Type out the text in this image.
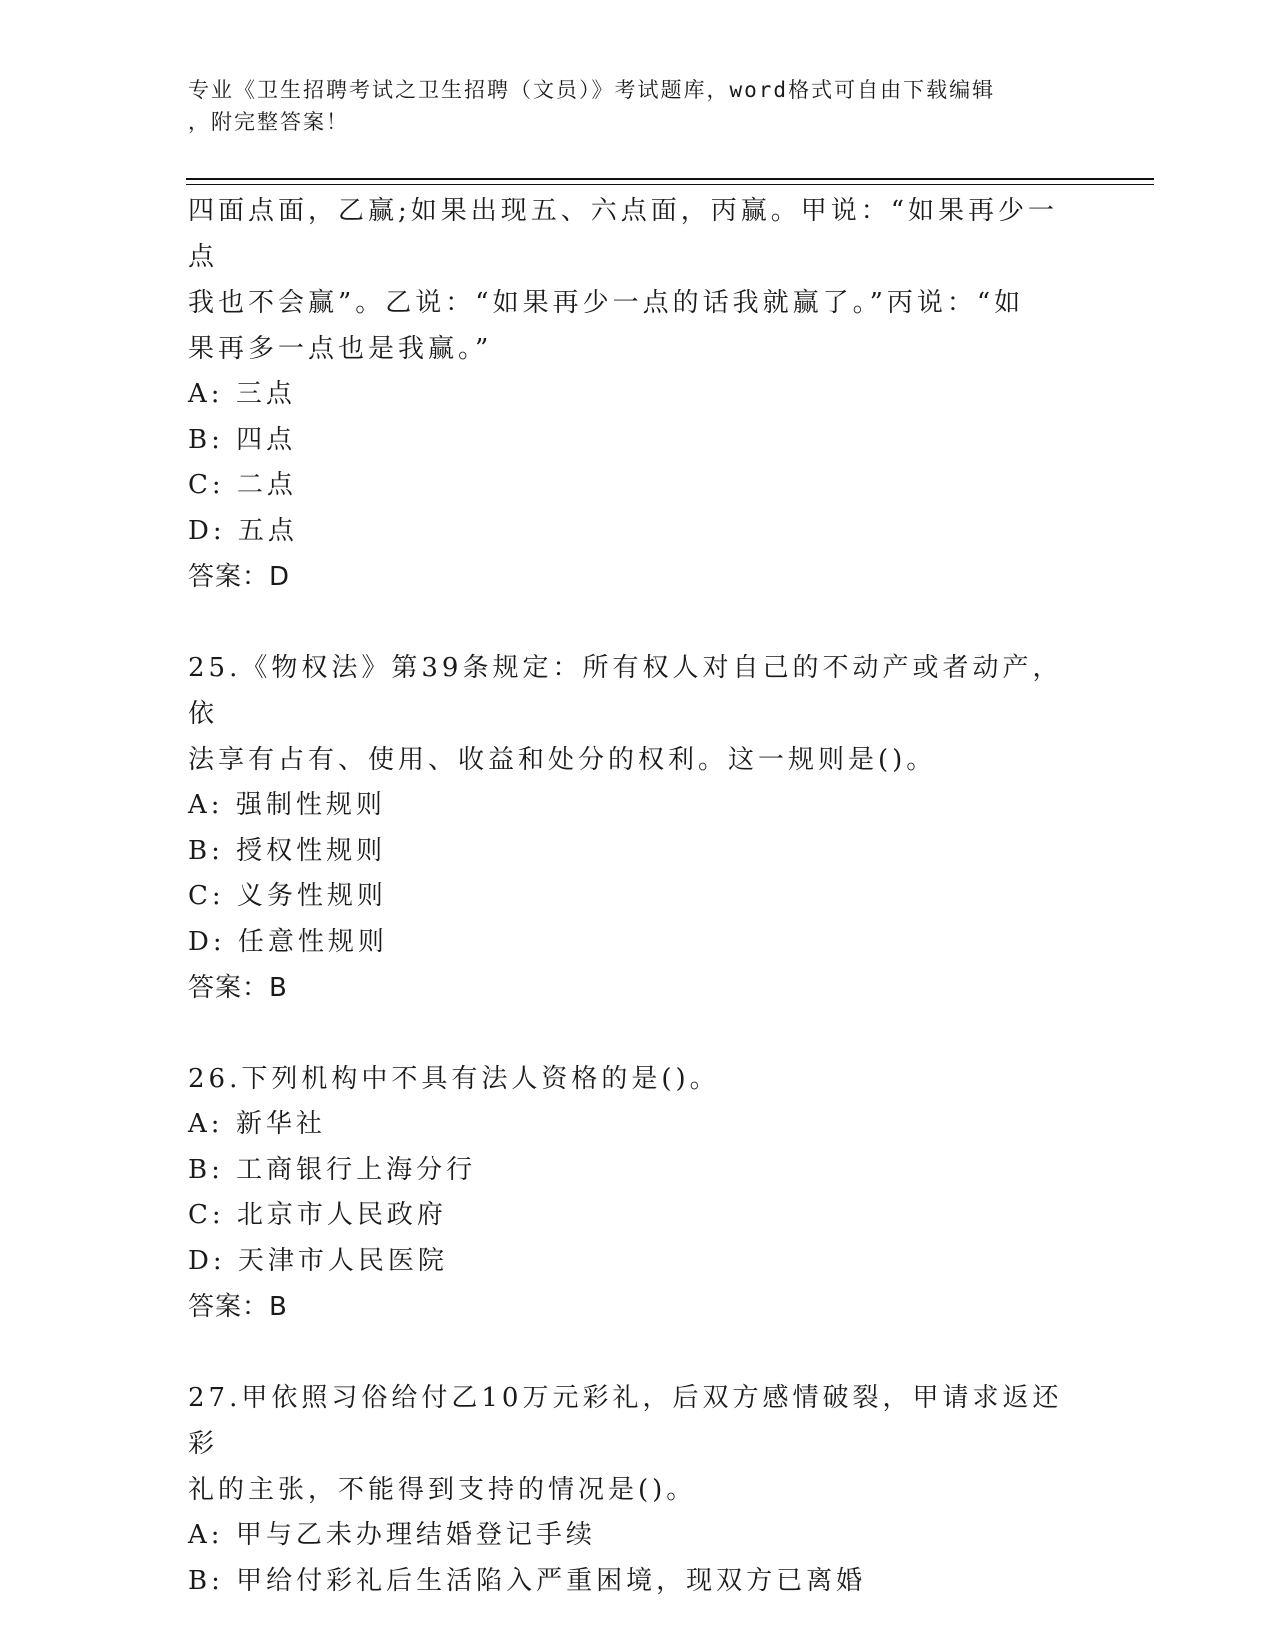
专业《卫生招聘考试之卫生招聘（文员）》考试题库，word格式可自由下载编辑
，附完整答案！

四面点面，乙赢;如果出现五、六点面，丙赢。甲说：“如果再少一点

我也不会赢”。乙说：“如果再少一点的话我就赢了。”丙说：“如

果再多一点也是我赢。”

A: 三点

B: 四点

C: 二点

D: 五点

答案：D

25.《物权法》第39条规定：所有权人对自己的不动产或者动产，依

法享有占有、使用、收益和处分的权利。这一规则是()。

A: 强制性规则

B: 授权性规则

C: 义务性规则

D: 任意性规则

答案：B

26.下列机构中不具有法人资格的是()。

A: 新华社

B: 工商银行上海分行

C: 北京市人民政府

D: 天津市人民医院

答案：B

27.甲依照习俗给付乙10万元彩礼，后双方感情破裂，甲请求返还彩

礼的主张，不能得到支持的情况是()。

A: 甲与乙未办理结婚登记手续

B: 甲给付彩礼后生活陷入严重困境，现双方已离婚
